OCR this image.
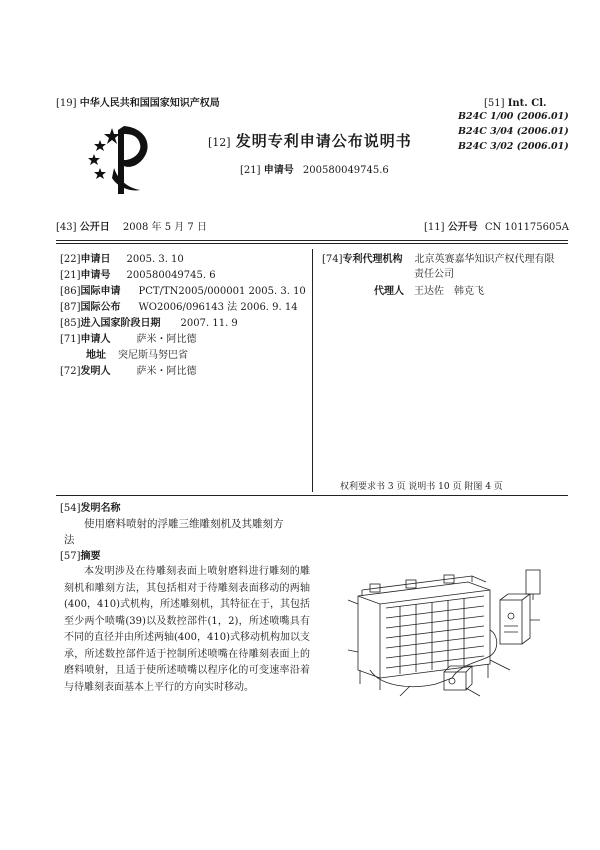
[19] 中华人民共和国国家知识产权局
[12] 发明专利申请公布说明书
[21] 申请号 200580049745.6
[51] Int. Cl.
B24C 1/00 (2006.01)
B24C 3/04 (2006.01)
B24C 3/02 (2006.01)
[43] 公开日 2008 年 5 月 7 日	[11] 公开号 CN 101175605A
[22]申请日 2005. 3. 10
[21]申请号 200580049745. 6
[86]国际申请 PCT/TN2005/000001 2005. 3. 10
[87]国际公布 WO2006/096143 法 2006. 9. 14
[85]进入国家阶段日期 2007. 11. 9
[71]申请人	萨米・阿比德
地址 突尼斯马努巴省
[72]发明人	萨米・阿比德
[74]专利代理机构 北京英赛嘉华知识产权代理有限
责任公司
代理人 王达佐　韩克飞
权利要求书 3 页 说明书 10 页 附图 4 页
[54]发明名称
使用磨料喷射的浮雕三维雕刻机及其雕刻方
法
[57]摘要

本发明涉及在待雕刻表面上喷射磨料进行雕刻的雕刻机和雕刻方法，其包括相对于待雕刻表面移动的两轴(400，410)式机构，所述雕刻机，其特征在于，其包括至少两个喷嘴(39)以及数控部件(1，2)，所述喷嘴具有不同的直径并由所述两轴(400，410)式移动机构加以支承，所述数控部件适于控制所述喷嘴在待雕刻表面上的磨料喷射，且适于使所述喷嘴以程序化的可变速率沿着与待雕刻表面基本上平行的方向实时移动。
